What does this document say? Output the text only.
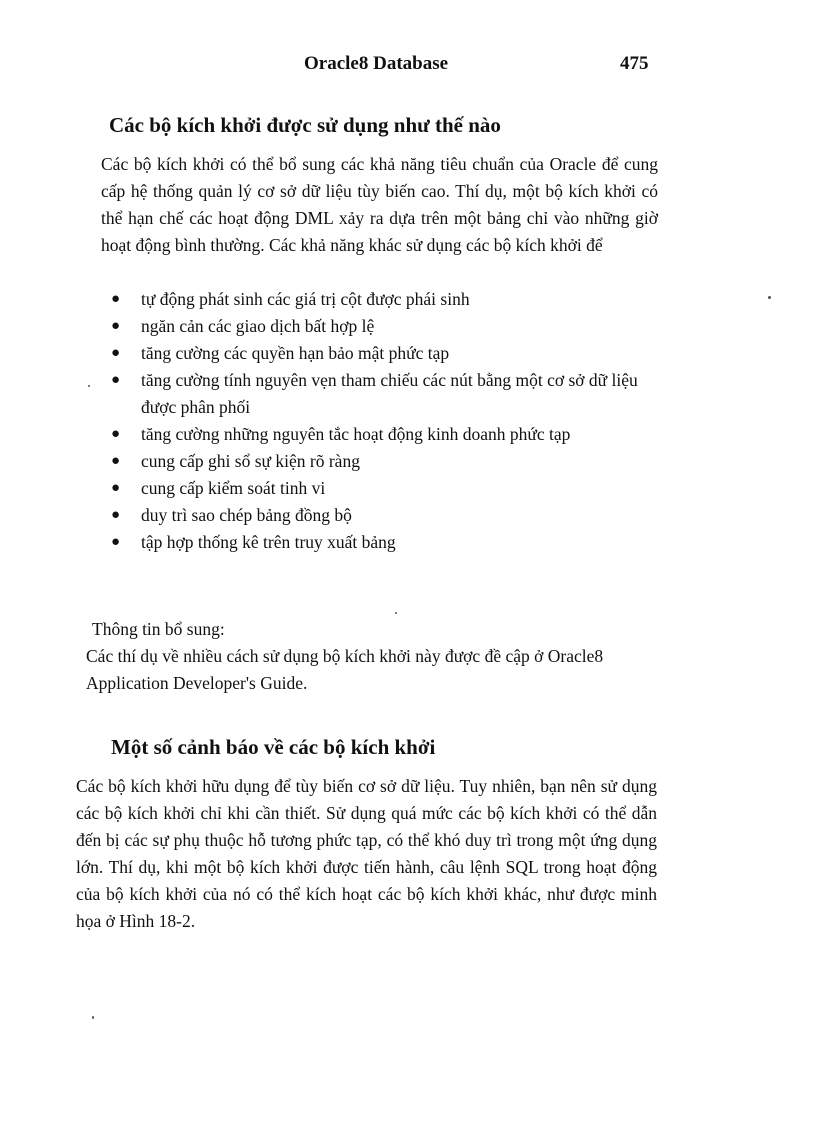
Oracle8 Database	475
Các bộ kích khởi được sử dụng như thế nào

Các bộ kích khởi có thể bổ sung các khả năng tiêu chuẩn của Oracle để cung cấp hệ thống quản lý cơ sở dữ liệu tùy biến cao. Thí dụ, một bộ kích khởi có thể hạn chế các hoạt động DML xảy ra dựa trên một bảng chỉ vào những giờ hoạt động bình thường. Các khả năng khác sử dụng các bộ kích khởi để

● tự động phát sinh các giá trị cột được phái sinh
● ngăn cản các giao dịch bất hợp lệ
● tăng cường các quyền hạn bảo mật phức tạp
● tăng cường tính nguyên vẹn tham chiếu các nút bằng một cơ sở dữ liệu được phân phối
● tăng cường những nguyên tắc hoạt động kinh doanh phức tạp
● cung cấp ghi sổ sự kiện rõ ràng
● cung cấp kiểm soát tinh vi
● duy trì sao chép bảng đồng bộ
● tập hợp thống kê trên truy xuất bảng
Thông tin bổ sung:
Các thí dụ về nhiều cách sử dụng bộ kích khởi này được đề cập ở Oracle8 Application Developer's Guide.
Một số cảnh báo về các bộ kích khởi

Các bộ kích khởi hữu dụng để tùy biến cơ sở dữ liệu. Tuy nhiên, bạn nên sử dụng các bộ kích khởi chỉ khi cần thiết. Sử dụng quá mức các bộ kích khởi có thể dẫn đến bị các sự phụ thuộc hỗ tương phức tạp, có thể khó duy trì trong một ứng dụng lớn. Thí dụ, khi một bộ kích khởi được tiến hành, câu lệnh SQL trong hoạt động của bộ kích khởi của nó có thể kích hoạt các bộ kích khởi khác, như được minh họa ở Hình 18-2.
